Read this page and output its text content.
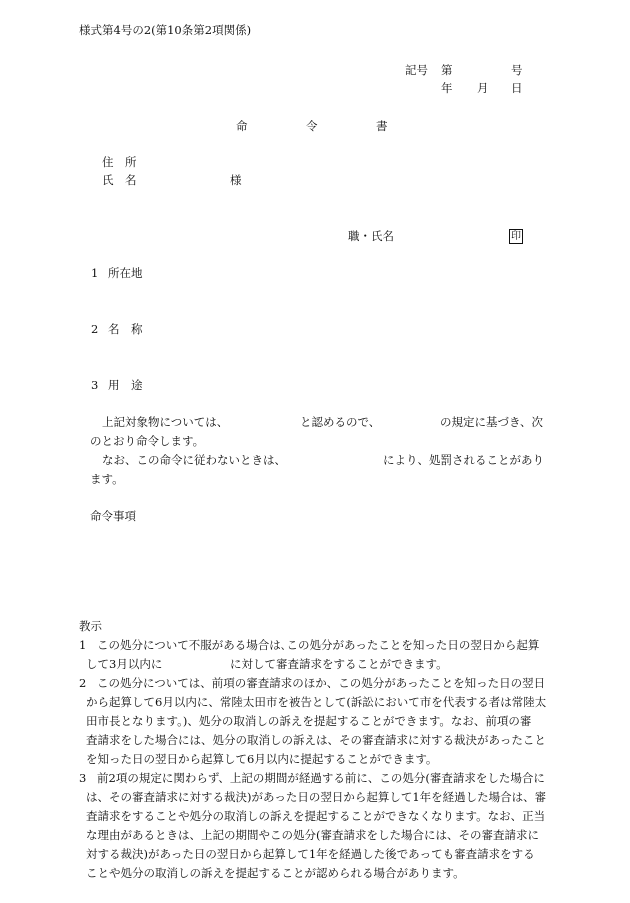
様式第4号の2(第10条第2項関係)
記号 第	号
年 月 日
命	令	書
住　所
氏　名	様
職・氏名	印
1 所在地
2 名　称
3 用　途
上記対象物については、	と認めるので、	の規定に基づき、次
のとおり命令します。
なお、この命令に従わないときは、	により、処罰されることがあり
ます。
命令事項
教示
1 この処分について不服がある場合は､この処分があったことを知った日の翌日から起算
して3月以内に	に対して審査請求をすることができます。
2 この処分については、前項の審査請求のほか、この処分があったことを知った日の翌日
から起算して6月以内に、常陸太田市を被告として(訴訟において市を代表する者は常陸太
田市長となります。)、処分の取消しの訴えを提起することができます。なお、前項の審
査請求をした場合には、処分の取消しの訴えは、その審査請求に対する裁決があったこと
を知った日の翌日から起算して6月以内に提起することができます。
3 前2項の規定に関わらず、上記の期間が経過する前に、この処分(審査請求をした場合に
は、その審査請求に対する裁決)があった日の翌日から起算して1年を経過した場合は、審
査請求をすることや処分の取消しの訴えを提起することができなくなります。なお、正当
な理由があるときは、上記の期間やこの処分(審査請求をした場合には、その審査請求に
対する裁決)があった日の翌日から起算して1年を経過した後であっても審査請求をする
ことや処分の取消しの訴えを提起することが認められる場合があります。
